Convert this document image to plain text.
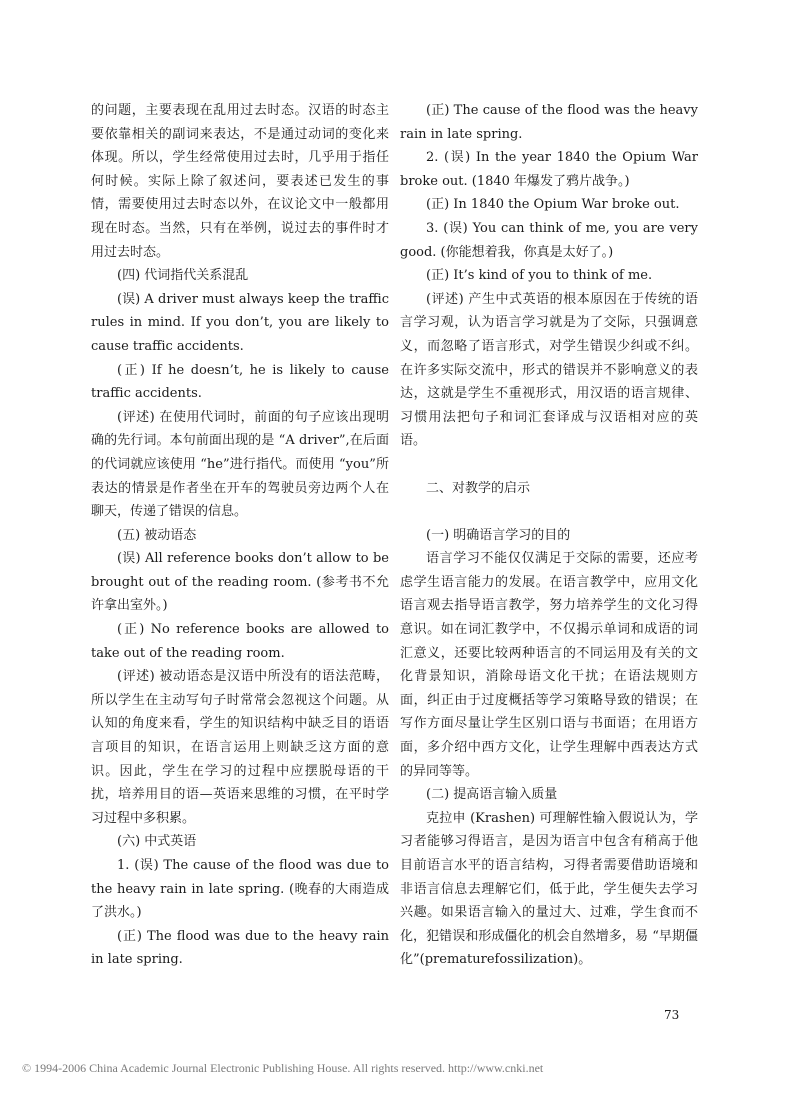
的问题，主要表现在乱用过去时态。汉语的时态主要依靠相关的副词来表达，不是通过动词的变化来体现。所以，学生经常使用过去时，几乎用于指任何时候。实际上除了叙述问，要表述已发生的事情，需要使用过去时态以外，在议论文中一般都用现在时态。当然，只有在举例，说过去的事件时才用过去时态。

(四) 代词指代关系混乱

(误) A driver must always keep the traffic rules in mind. If you don’t, you are likely to cause traffic accidents.

(正) If he doesn’t, he is likely to cause traffic accidents.

(评述) 在使用代词时，前面的句子应该出现明确的先行词。本句前面出现的是 “A driver”,在后面的代词就应该使用 “he”进行指代。而使用 “you”所表达的情景是作者坐在开车的驾驶员旁边两个人在聊天，传递了错误的信息。

(五) 被动语态

(误) All reference books don’t allow to be brought out of the reading room. (参考书不允许拿出室外。)

(正) No reference books are allowed to take out of the reading room.

(评述) 被动语态是汉语中所没有的语法范畴，所以学生在主动写句子时常常会忽视这个问题。从认知的角度来看，学生的知识结构中缺乏目的语语言项目的知识，在语言运用上则缺乏这方面的意识。因此，学生在学习的过程中应摆脱母语的干扰，培养用目的语—英语来思维的习惯，在平时学习过程中多积累。

(六) 中式英语

1. (误) The cause of the flood was due to the heavy rain in late spring. (晚春的大雨造成了洪水。)

(正) The flood was due to the heavy rain in late spring.

(正) The cause of the flood was the heavy rain in late spring.

2. (误) In the year 1840 the Opium War broke out. (1840 年爆发了鸦片战争。)

(正) In 1840 the Opium War broke out.

3. (误) You can think of me, you are very good. (你能想着我，你真是太好了。)

(正) It’s kind of you to think of me.

(评述) 产生中式英语的根本原因在于传统的语言学习观，认为语言学习就是为了交际，只强调意义，而忽略了语言形式，对学生错误少纠或不纠。在许多实际交流中，形式的错误并不影响意义的表达，这就是学生不重视形式，用汉语的语言规律、习惯用法把句子和词汇套译成与汉语相对应的英语。

二、对教学的启示

(一) 明确语言学习的目的

语言学习不能仅仅满足于交际的需要，还应考虑学生语言能力的发展。在语言教学中，应用文化语言观去指导语言教学，努力培养学生的文化习得意识。如在词汇教学中，不仅揭示单词和成语的词汇意义，还要比较两种语言的不同运用及有关的文化背景知识，消除母语文化干扰；在语法规则方面，纠正由于过度概括等学习策略导致的错误；在写作方面尽量让学生区别口语与书面语；在用语方面，多介绍中西方文化，让学生理解中西表达方式的异同等等。

(二) 提高语言输入质量

克拉申 (Krashen) 可理解性输入假说认为，学习者能够习得语言，是因为语言中包含有稍高于他目前语言水平的语言结构，习得者需要借助语境和非语言信息去理解它们，低于此，学生便失去学习兴趣。如果语言输入的量过大、过难，学生食而不化，犯错误和形成僵化的机会自然增多，易 “早期僵化”(prematurefossilization)。

73

© 1994-2006 China Academic Journal Electronic Publishing House. All rights reserved. http://www.cnki.net
